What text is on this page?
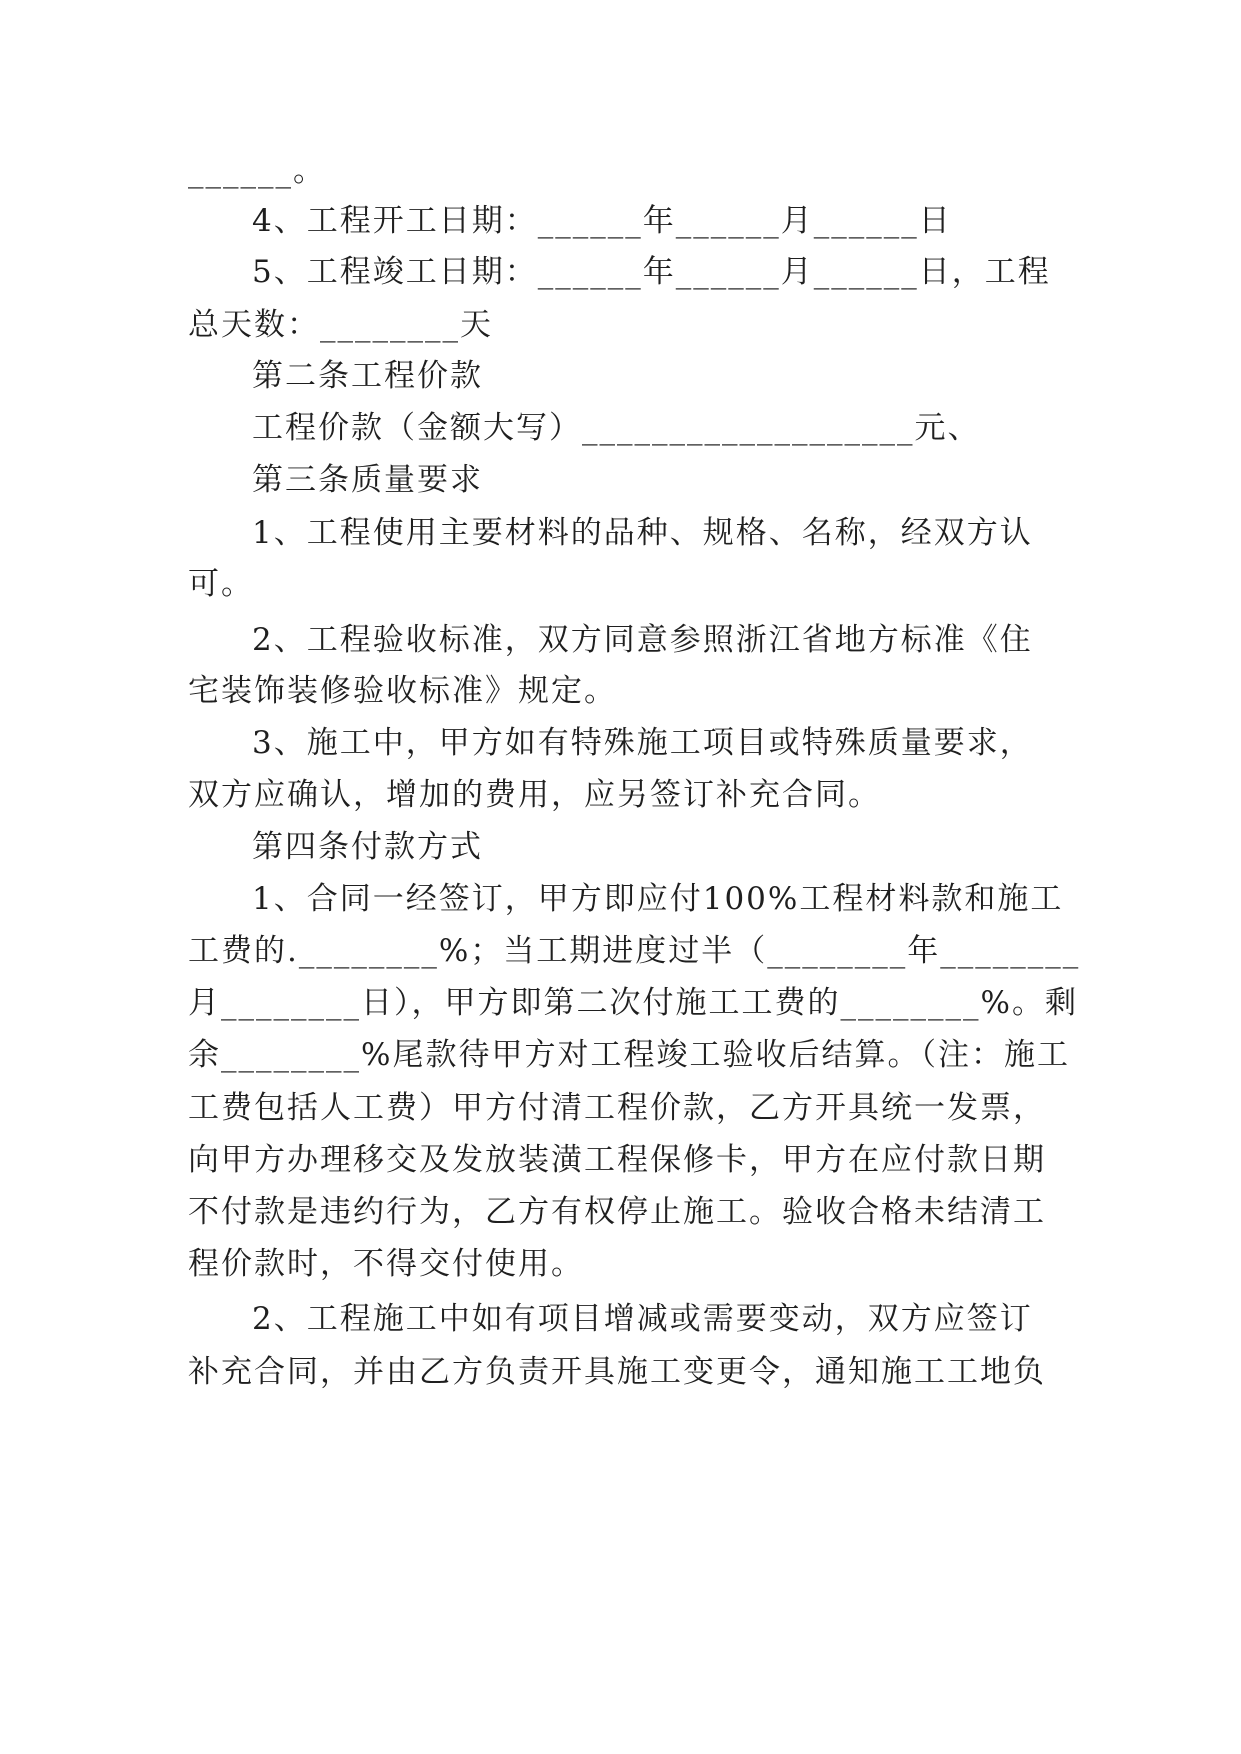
______。
4、工程开工日期：______年______月______日
5、工程竣工日期：______年______月______日，工程
总天数：________天
第二条工程价款
工程价款（金额大写）___________________元、
第三条质量要求
1、工程使用主要材料的品种、规格、名称，经双方认
可。
2、工程验收标准，双方同意参照浙江省地方标准《住
宅装饰装修验收标准》规定。
3、施工中，甲方如有特殊施工项目或特殊质量要求，
双方应确认，增加的费用，应另签订补充合同。
第四条付款方式
1、合同一经签订，甲方即应付100%工程材料款和施工
工费的.________%；当工期进度过半（________年________
月________日），甲方即第二次付施工工费的________%。剩
余________%尾款待甲方对工程竣工验收后结算。（注：施工
工费包括人工费）甲方付清工程价款，乙方开具统一发票，
向甲方办理移交及发放装潢工程保修卡，甲方在应付款日期
不付款是违约行为，乙方有权停止施工。验收合格未结清工
程价款时，不得交付使用。
2、工程施工中如有项目增减或需要变动，双方应签订
补充合同，并由乙方负责开具施工变更令，通知施工工地负
